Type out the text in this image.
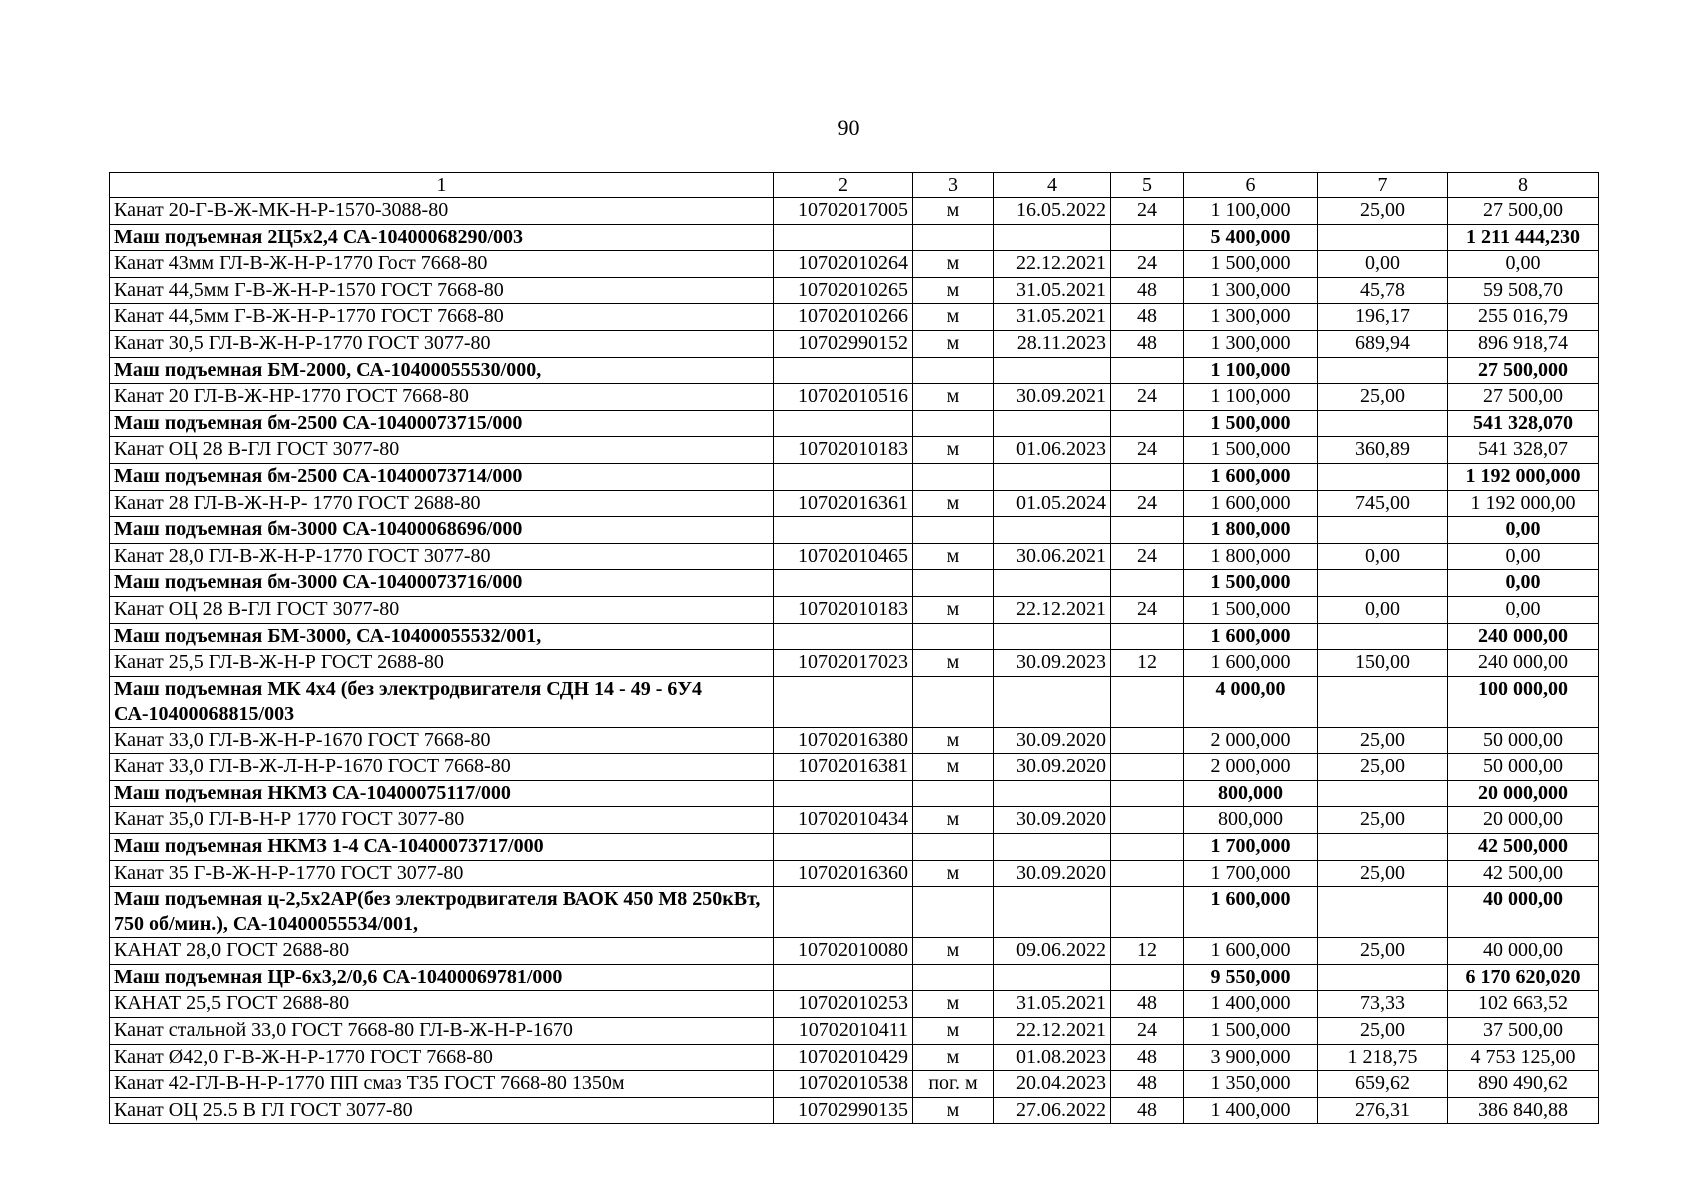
90
1	2	3	4	5	6	7	8
Канат 20-Г-В-Ж-МК-Н-Р-1570-3088-80	10702017005	м	16.05.2022	24	1 100,000	25,00	27 500,00
Маш подъемная 2Ц5х2,4 СА-10400068290/003					5 400,000		1 211 444,230
Канат 43мм ГЛ-В-Ж-Н-Р-1770 Гост 7668-80	10702010264	м	22.12.2021	24	1 500,000	0,00	0,00
Канат 44,5мм Г-В-Ж-Н-Р-1570 ГОСТ 7668-80	10702010265	м	31.05.2021	48	1 300,000	45,78	59 508,70
Канат 44,5мм Г-В-Ж-Н-Р-1770 ГОСТ 7668-80	10702010266	м	31.05.2021	48	1 300,000	196,17	255 016,79
Канат 30,5 ГЛ-В-Ж-Н-Р-1770 ГОСТ 3077-80	10702990152	м	28.11.2023	48	1 300,000	689,94	896 918,74
Маш подъемная БМ-2000, СА-10400055530/000,					1 100,000		27 500,000
Канат 20 ГЛ-В-Ж-НР-1770 ГОСТ 7668-80	10702010516	м	30.09.2021	24	1 100,000	25,00	27 500,00
Маш подъемная бм-2500 СА-10400073715/000					1 500,000		541 328,070
Канат ОЦ 28 В-ГЛ ГОСТ 3077-80	10702010183	м	01.06.2023	24	1 500,000	360,89	541 328,07
Маш подъемная бм-2500 СА-10400073714/000					1 600,000		1 192 000,000
Канат 28 ГЛ-В-Ж-Н-Р- 1770 ГОСТ 2688-80	10702016361	м	01.05.2024	24	1 600,000	745,00	1 192 000,00
Маш подъемная бм-3000 СА-10400068696/000					1 800,000		0,00
Канат 28,0 ГЛ-В-Ж-Н-Р-1770 ГОСТ 3077-80	10702010465	м	30.06.2021	24	1 800,000	0,00	0,00
Маш подъемная бм-3000 СА-10400073716/000					1 500,000		0,00
Канат ОЦ 28 В-ГЛ ГОСТ 3077-80	10702010183	м	22.12.2021	24	1 500,000	0,00	0,00
Маш подъемная БМ-3000, СА-10400055532/001,					1 600,000		240 000,00
Канат 25,5 ГЛ-В-Ж-Н-Р ГОСТ 2688-80	10702017023	м	30.09.2023	12	1 600,000	150,00	240 000,00
Маш подъемная МК 4х4 (без электродвигателя СДН 14 - 49 - 6У4 СА-10400068815/003					4 000,00		100 000,00
Канат 33,0 ГЛ-В-Ж-Н-Р-1670 ГОСТ 7668-80	10702016380	м	30.09.2020		2 000,000	25,00	50 000,00
Канат 33,0 ГЛ-В-Ж-Л-Н-Р-1670 ГОСТ 7668-80	10702016381	м	30.09.2020		2 000,000	25,00	50 000,00
Маш подъемная НКМЗ СА-10400075117/000					800,000		20 000,000
Канат 35,0 ГЛ-В-Н-Р 1770 ГОСТ 3077-80	10702010434	м	30.09.2020		800,000	25,00	20 000,00
Маш подъемная НКМЗ 1-4 СА-10400073717/000					1 700,000		42 500,000
Канат 35 Г-В-Ж-Н-Р-1770 ГОСТ 3077-80	10702016360	м	30.09.2020		1 700,000	25,00	42 500,00
Маш подъемная ц-2,5х2АР(без электродвигателя ВАОК 450 М8 250кВт, 750 об/мин.), СА-10400055534/001,					1 600,000		40 000,00
КАНАТ 28,0 ГОСТ 2688-80	10702010080	м	09.06.2022	12	1 600,000	25,00	40 000,00
Маш подъемная ЦР-6х3,2/0,6 СА-10400069781/000					9 550,000		6 170 620,020
КАНАТ 25,5 ГОСТ 2688-80	10702010253	м	31.05.2021	48	1 400,000	73,33	102 663,52
Канат стальной 33,0 ГОСТ 7668-80 ГЛ-В-Ж-Н-Р-1670	10702010411	м	22.12.2021	24	1 500,000	25,00	37 500,00
Канат Ø42,0 Г-В-Ж-Н-Р-1770 ГОСТ 7668-80	10702010429	м	01.08.2023	48	3 900,000	1 218,75	4 753 125,00
Канат 42-ГЛ-В-Н-Р-1770 ПП смаз Т35 ГОСТ 7668-80 1350м	10702010538	пог. м	20.04.2023	48	1 350,000	659,62	890 490,62
Канат ОЦ 25.5 В ГЛ ГОСТ 3077-80	10702990135	м	27.06.2022	48	1 400,000	276,31	386 840,88
